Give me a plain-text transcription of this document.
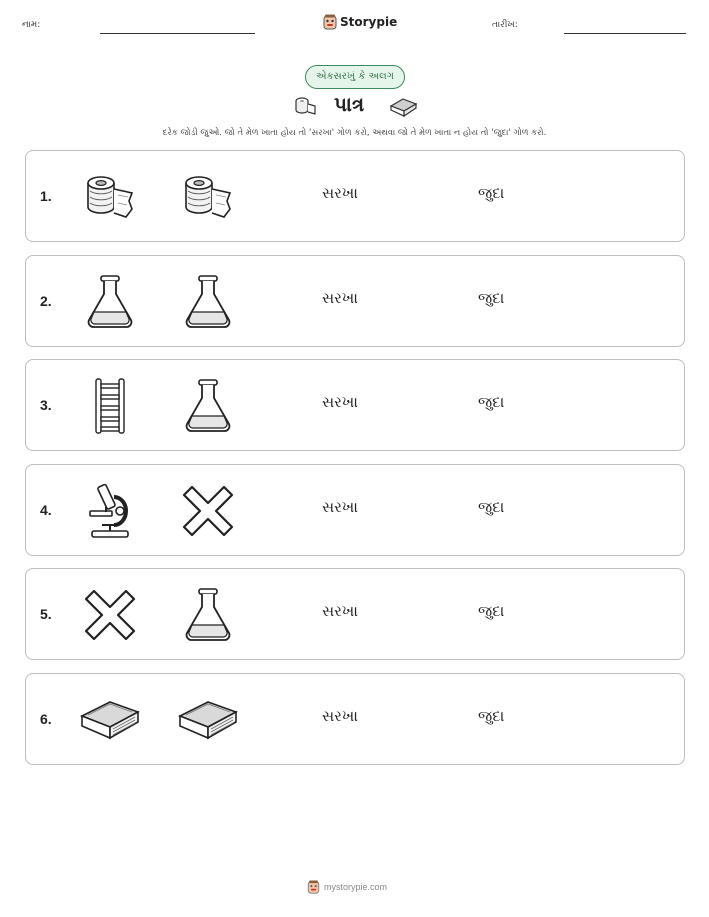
નામ:	Storypie	તારીખ:
એકસરખું કે અલગ
પાત્ર
દરેક જોડી જુઓ. જો તે મેળ ખાતા હોય તો 'સરખા' ગોળ કરો, અથવા જો તે મેળ ખાતા ન હોય તો 'જુદા' ગોળ કરો.
1.	સરખા	જુદા
2.	સરખા	જુદા
3.	સરખા	જુદા
4.	સરખા	જુદા
5.	સરખા	જુદા
6.	સરખા	જુદા
mystorypie.com
